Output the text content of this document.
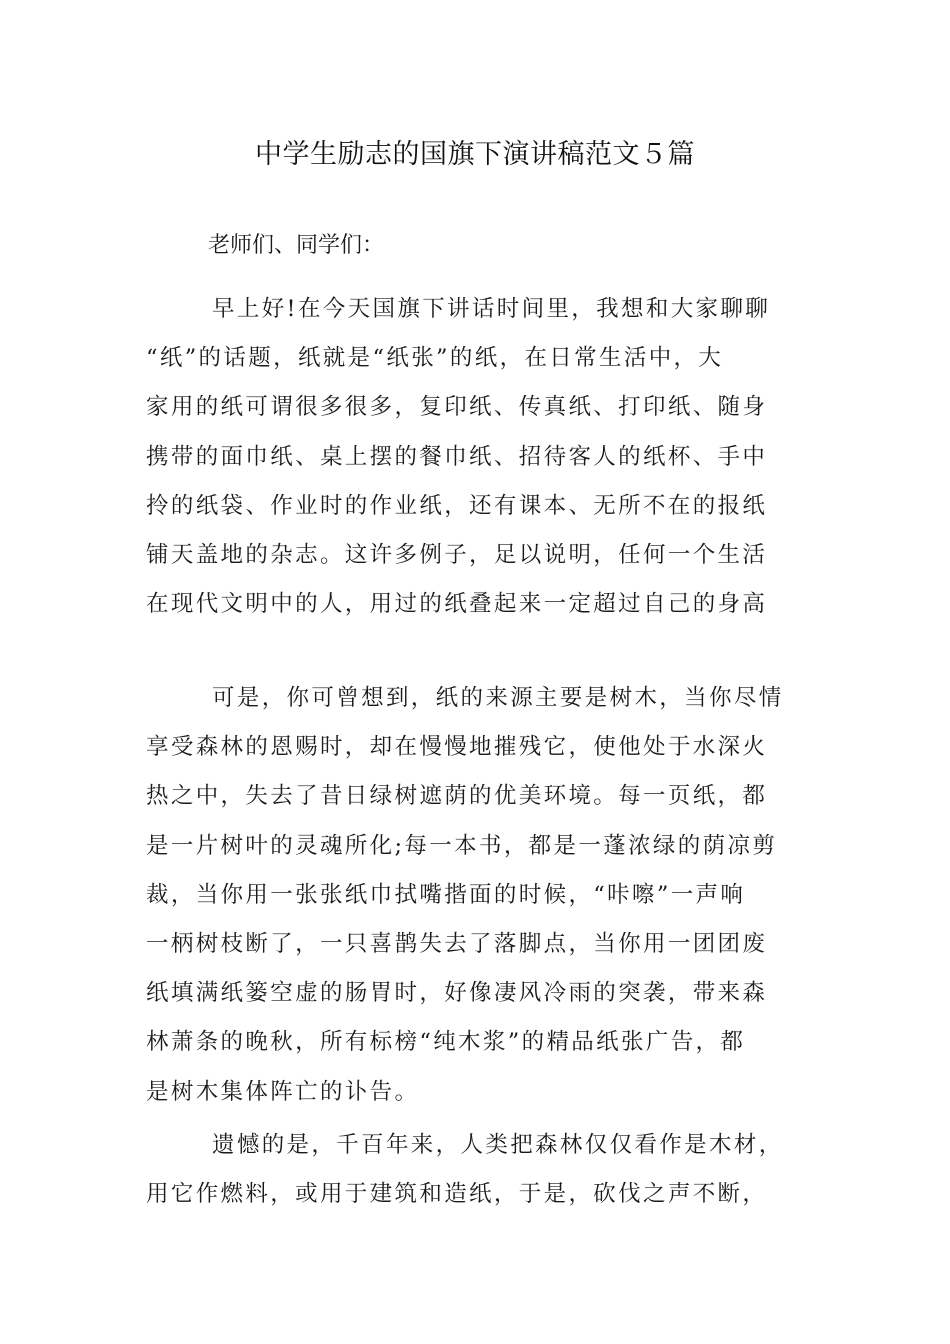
中学生励志的国旗下演讲稿范文５篇

老师们、同学们：

早上好!在今天国旗下讲话时间里，我想和大家聊聊
“纸”的话题，纸就是“纸张”的纸，在日常生活中，大
家用的纸可谓很多很多，复印纸、传真纸、打印纸、随身
携带的面巾纸、桌上摆的餐巾纸、招待客人的纸杯、手中
拎的纸袋、作业时的作业纸，还有课本、无所不在的报纸
铺天盖地的杂志。这许多例子，足以说明，任何一个生活
在现代文明中的人，用过的纸叠起来一定超过自己的身高
可是，你可曾想到，纸的来源主要是树木，当你尽情
享受森林的恩赐时，却在慢慢地摧残它，使他处于水深火
热之中，失去了昔日绿树遮荫的优美环境。每一页纸，都
是一片树叶的灵魂所化;每一本书，都是一蓬浓绿的荫凉剪
裁，当你用一张张纸巾拭嘴揩面的时候，“咔嚓”一声响
一柄树枝断了，一只喜鹊失去了落脚点，当你用一团团废
纸填满纸篓空虚的肠胃时，好像凄风冷雨的突袭，带来森
林萧条的晚秋，所有标榜“纯木浆”的精品纸张广告，都
是树木集体阵亡的讣告。
遗憾的是，千百年来，人类把森林仅仅看作是木材，
用它作燃料，或用于建筑和造纸，于是，砍伐之声不断，
